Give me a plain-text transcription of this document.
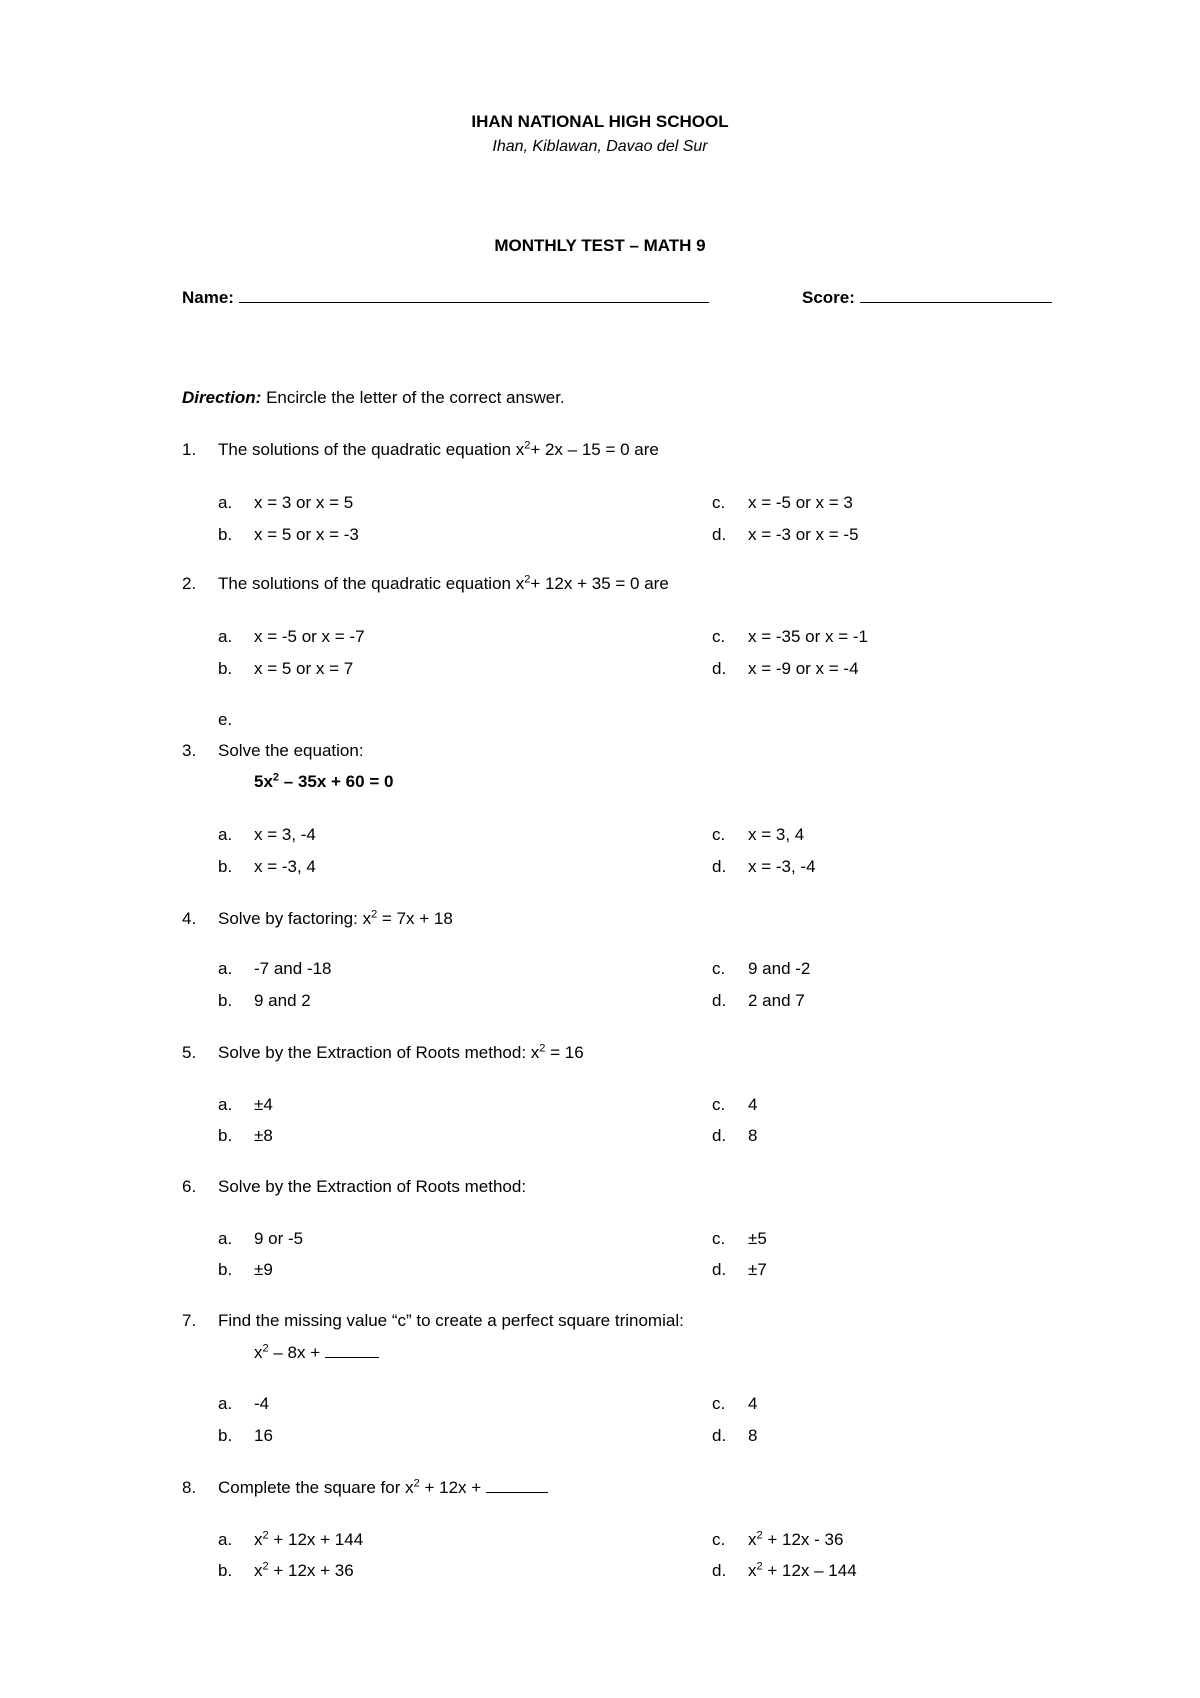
IHAN NATIONAL HIGH SCHOOL
Ihan, Kiblawan, Davao del Sur
MONTHLY TEST – MATH 9
Name:	Score:
Direction: Encircle the letter of the correct answer.
1. The solutions of the quadratic equation $x^2+ 2x - 15 = 0$ are
a. x = 3 or x = 5
b. x = 5 or x = -3
c. x = -5 or x = 3
d. x = -3 or x = -5
2. The solutions of the quadratic equation $x^2+ 12x + 35 = 0$ are
a. x = -5 or x = -7
b. x = 5 or x = 7
c. x = -35 or x = -1
d. x = -9 or x = -4
e.
3. Solve the equation:
$5x^2 - 35x + 60 = 0$
a. x = 3, -4
b. x = -3, 4
c. x = 3, 4
d. x = -3, -4
4. Solve by factoring: $x^2 = 7x + 18$
a. -7 and -18
b. 9 and 2
c. 9 and -2
d. 2 and 7
5. Solve by the Extraction of Roots method: $x^2 = 16$
a. ±4
b. ±8
c. 4
d. 8
6. Solve by the Extraction of Roots method:
a. 9 or -5
b. ±9
c. ±5
d. ±7
7. Find the missing value “c” to create a perfect square trinomial:
$x^2 - 8x$ +
a. -4
b. 16
c. 4
d. 8
8. Complete the square for $x^2 + 12x$ +
a. $x^2 + 12x + 144$
b. $x^2 + 12x + 36$
c. $x^2 + 12x - 36$
d. $x^2 + 12x - 144$
